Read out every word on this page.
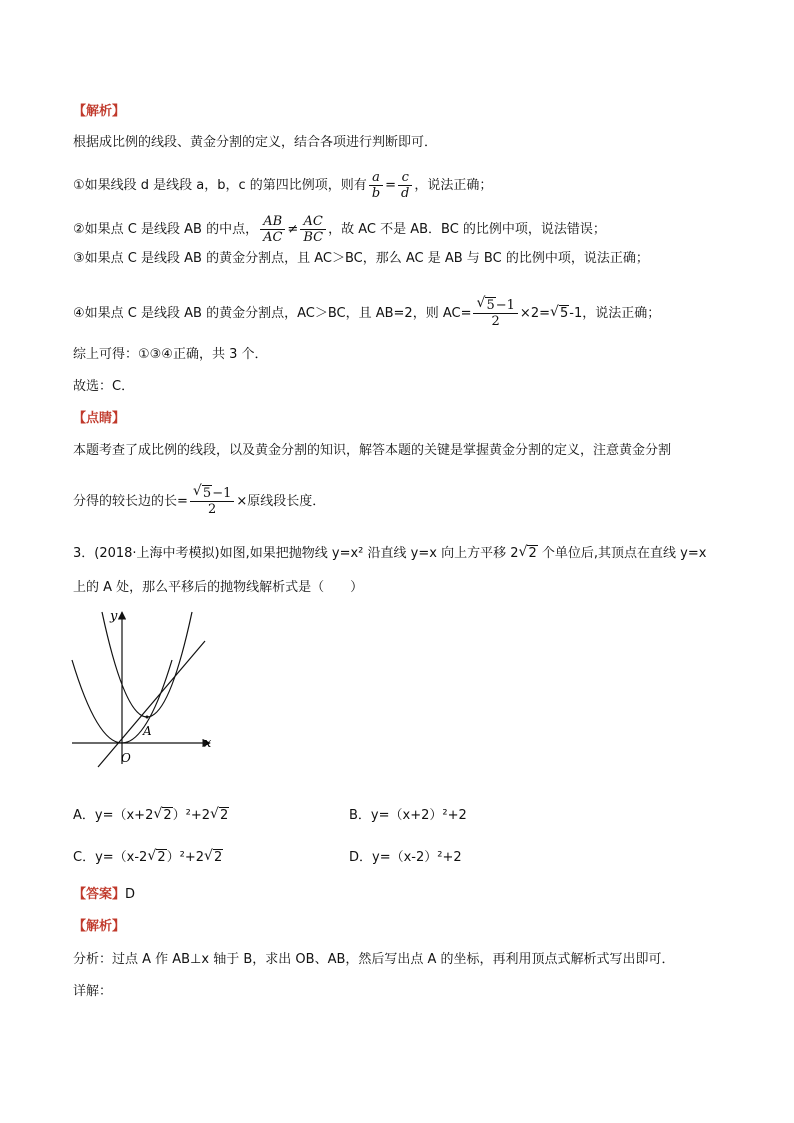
【解析】
根据成比例的线段、黄金分割的定义，结合各项进行判断即可．
①如果线段 d 是线段 a，b，c 的第四比例项，则有 $\frac{a}{b} = \frac{c}{d}$ ，说法正确；
②如果点 C 是线段 AB 的中点， $\frac{AB}{AC} \ne \frac{AC}{BC}$ ，故 AC 不是 AB．BC 的比例中项，说法错误；
③如果点 C 是线段 AB 的黄金分割点，且 AC＞BC，那么 AC 是 AB 与 BC 的比例中项，说法正确；
④如果点 C 是线段 AB 的黄金分割点，AC＞BC，且 AB=2，则 AC=
√ $\frac{5-1}{2} \times 2=√$ 5-1，说法正确；
综上可得：①③④正确，共 3 个．
故选：C．
【点睛】
本题考查了成比例的线段，以及黄金分割的知识，解答本题的关键是掌握黄金分割的定义，注意黄金分割
分得的较长边的长=
√ $\frac{5-1}{2}$ ×原线段长度．
3．(2018·上海中考模拟)如图,如果把抛物线 y=x² 沿直线 y=x 向上方平移 2√ 2 个单位后,其顶点在直线 y=x
上的 A 处，那么平移后的抛物线解析式是（　　）
y
x
O
A
A．y=（x+2√ 2）²+2√ 2	B．y=（x+2）²+2
C．y=（x-2√ 2）²+2√ 2	D．y=（x-2）²+2
【答案】D
【解析】
分析：过点 A 作 AB⊥x 轴于 B，求出 OB、AB，然后写出点 A 的坐标，再利用顶点式解析式写出即可．
详解：
